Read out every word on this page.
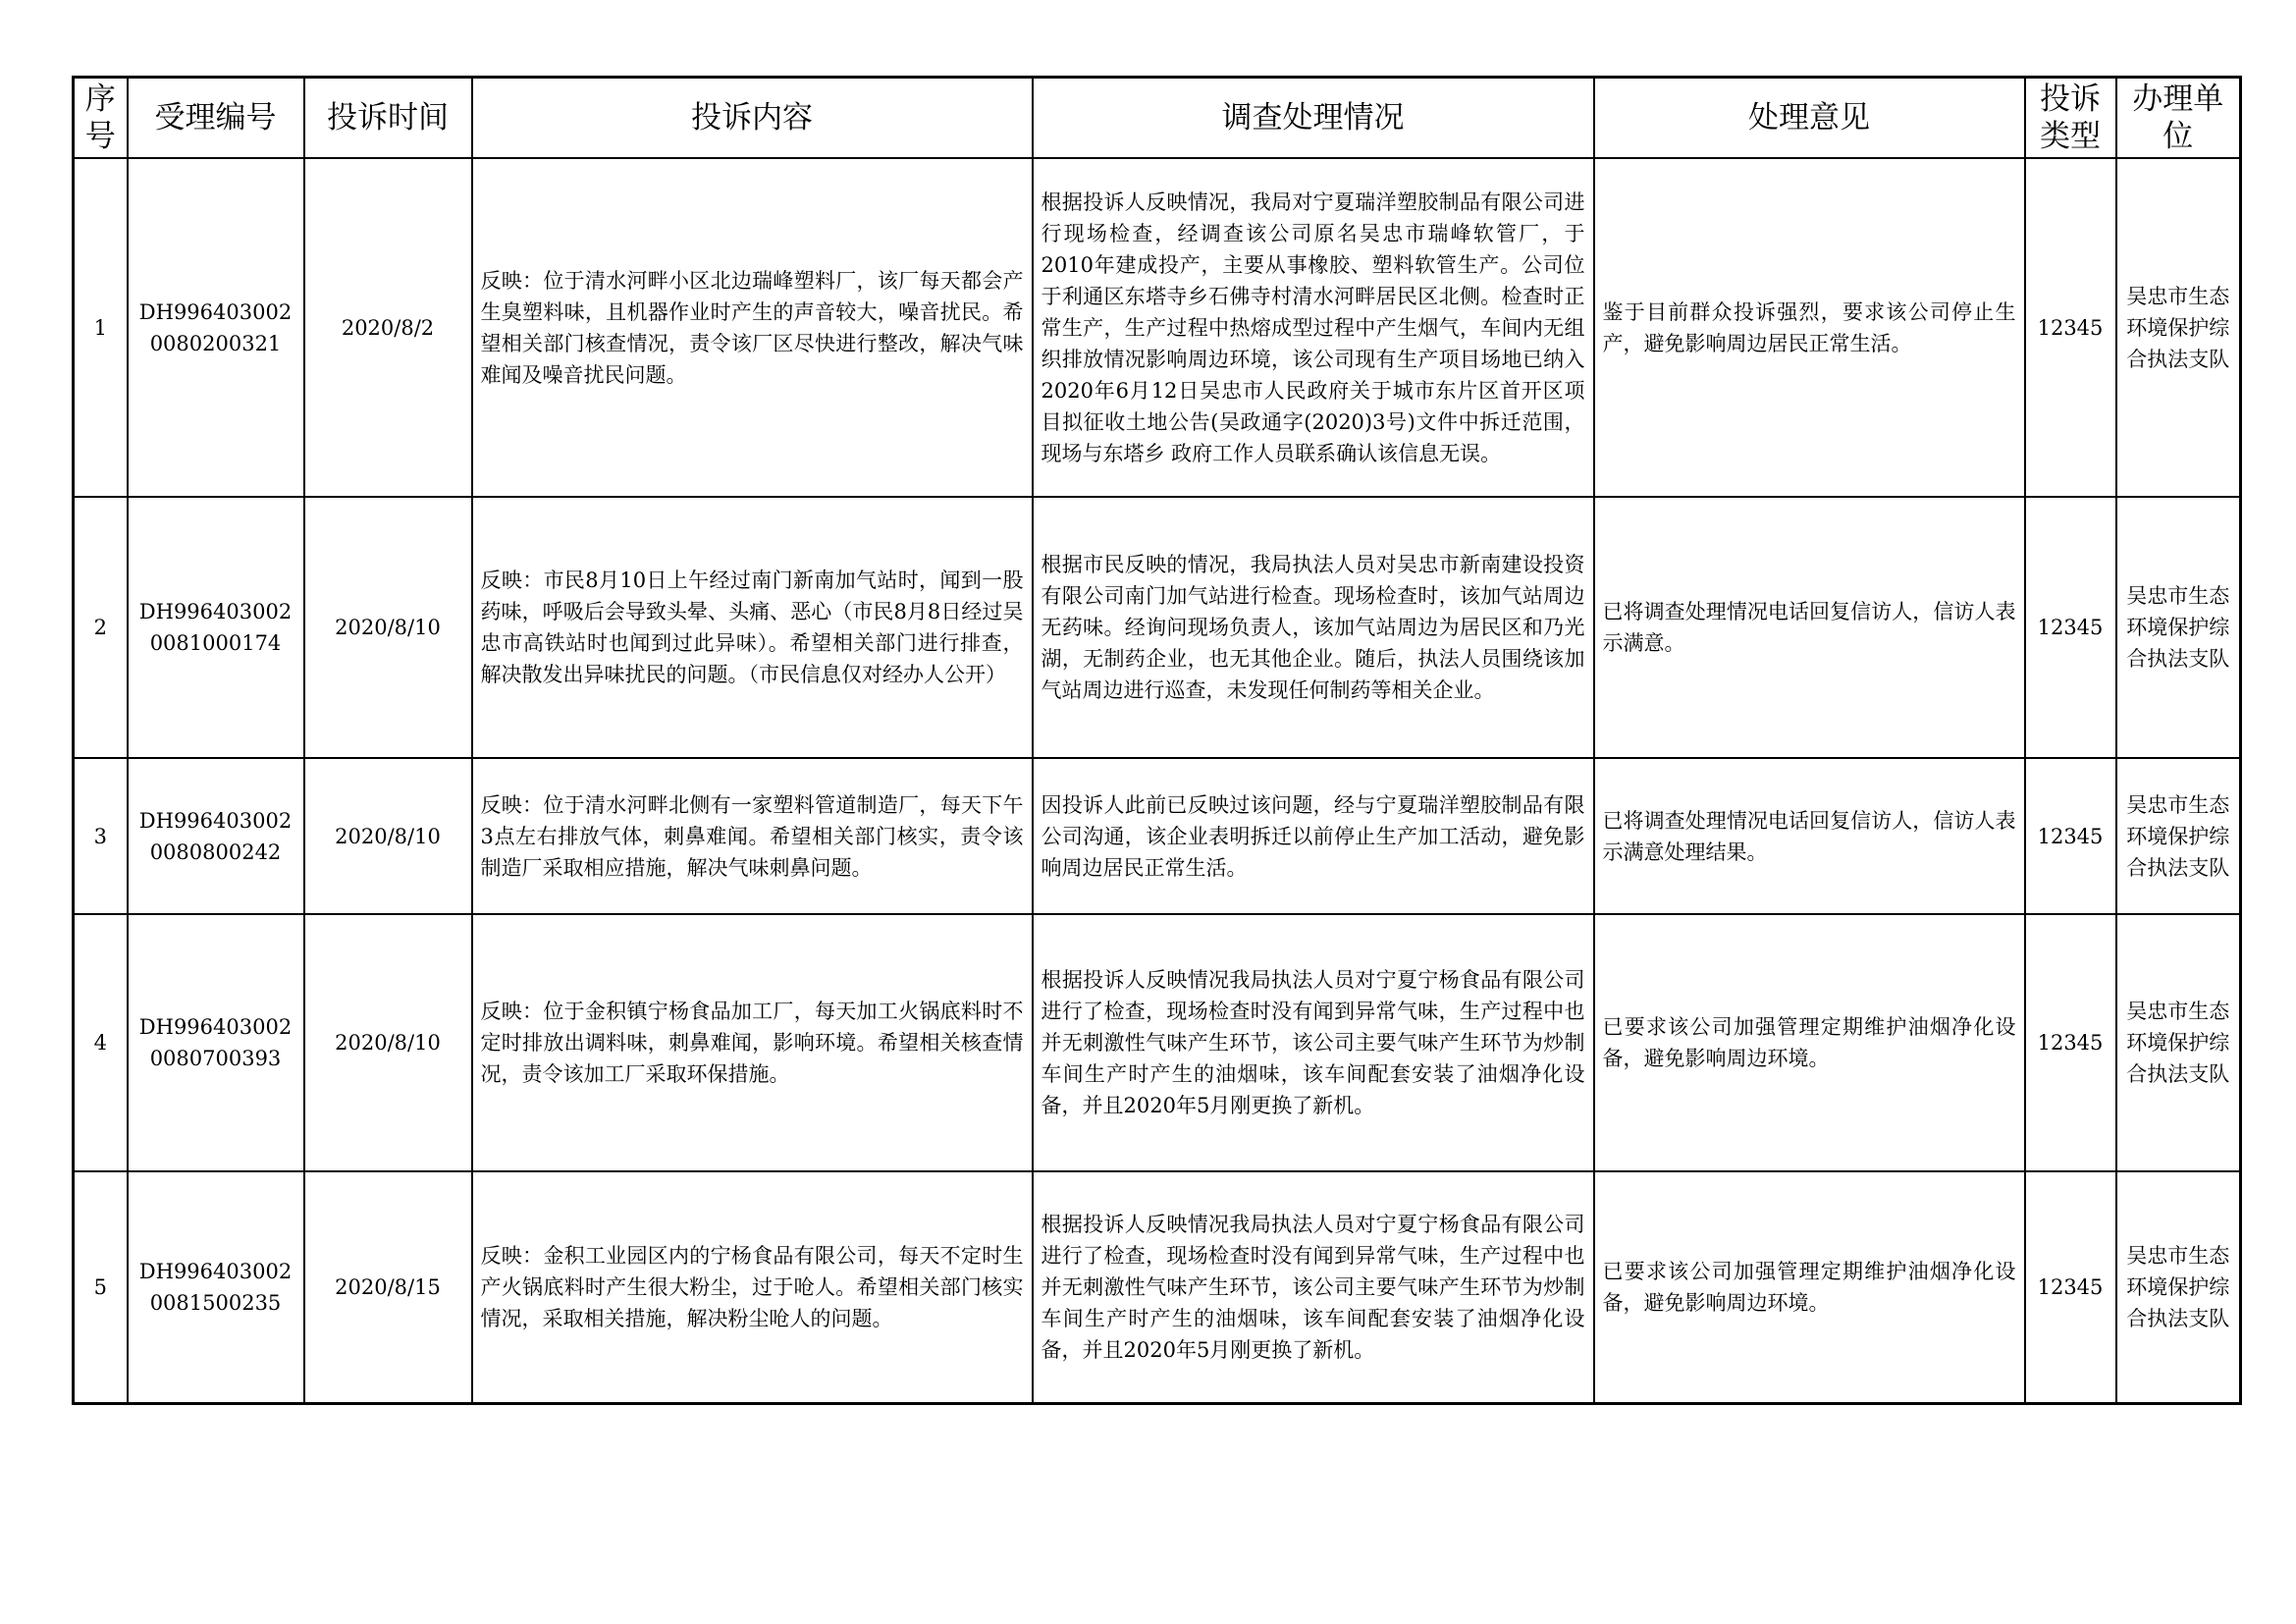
序号	受理编号	投诉时间	投诉内容	调查处理情况	处理意见	投诉类型	办理单位
1	DH9964030020080200321	2020/8/2	反映：位于清水河畔小区北边瑞峰塑料厂，该厂每天都会产生臭塑料味，且机器作业时产生的声音较大，噪音扰民。希望相关部门核查情况，责令该厂区尽快进行整改，解决气味难闻及噪音扰民问题。	根据投诉人反映情况，我局对宁夏瑞洋塑胶制品有限公司进行现场检查，经调查该公司原名吴忠市瑞峰软管厂，于2010年建成投产，主要从事橡胶、塑料软管生产。公司位于利通区东塔寺乡石佛寺村清水河畔居民区北侧。检查时正常生产，生产过程中热熔成型过程中产生烟气，车间内无组织排放情况影响周边环境，该公司现有生产项目场地已纳入2020年6月12日吴忠市人民政府关于城市东片区首开区项目拟征收土地公告(吴政通字(2020)3号)文件中拆迁范围，现场与东塔乡 政府工作人员联系确认该信息无误。	鉴于目前群众投诉强烈，要求该公司停止生产，避免影响周边居民正常生活。	12345	吴忠市生态环境保护综合执法支队
2	DH9964030020081000174	2020/8/10	反映：市民8月10日上午经过南门新南加气站时，闻到一股药味，呼吸后会导致头晕、头痛、恶心（市民8月8日经过吴忠市高铁站时也闻到过此异味）。希望相关部门进行排查，解决散发出异味扰民的问题。（市民信息仅对经办人公开）	根据市民反映的情况，我局执法人员对吴忠市新南建设投资有限公司南门加气站进行检查。现场检查时，该加气站周边无药味。经询问现场负责人，该加气站周边为居民区和乃光湖，无制药企业，也无其他企业。随后，执法人员围绕该加气站周边进行巡查，未发现任何制药等相关企业。	已将调查处理情况电话回复信访人，信访人表示满意。	12345	吴忠市生态环境保护综合执法支队
3	DH9964030020080800242	2020/8/10	反映：位于清水河畔北侧有一家塑料管道制造厂，每天下午3点左右排放气体，刺鼻难闻。希望相关部门核实，责令该制造厂采取相应措施，解决气味刺鼻问题。	因投诉人此前已反映过该问题，经与宁夏瑞洋塑胶制品有限公司沟通，该企业表明拆迁以前停止生产加工活动，避免影响周边居民正常生活。	已将调查处理情况电话回复信访人，信访人表示满意处理结果。	12345	吴忠市生态环境保护综合执法支队
4	DH9964030020080700393	2020/8/10	反映：位于金积镇宁杨食品加工厂，每天加工火锅底料时不定时排放出调料味，刺鼻难闻，影响环境。希望相关核查情况，责令该加工厂采取环保措施。	根据投诉人反映情况我局执法人员对宁夏宁杨食品有限公司进行了检查，现场检查时没有闻到异常气味，生产过程中也并无刺激性气味产生环节，该公司主要气味产生环节为炒制车间生产时产生的油烟味，该车间配套安装了油烟净化设备，并且2020年5月刚更换了新机。	已要求该公司加强管理定期维护油烟净化设备，避免影响周边环境。	12345	吴忠市生态环境保护综合执法支队
5	DH9964030020081500235	2020/8/15	反映：金积工业园区内的宁杨食品有限公司，每天不定时生产火锅底料时产生很大粉尘，过于呛人。希望相关部门核实情况，采取相关措施，解决粉尘呛人的问题。	根据投诉人反映情况我局执法人员对宁夏宁杨食品有限公司进行了检查，现场检查时没有闻到异常气味，生产过程中也并无刺激性气味产生环节，该公司主要气味产生环节为炒制车间生产时产生的油烟味，该车间配套安装了油烟净化设备，并且2020年5月刚更换了新机。	已要求该公司加强管理定期维护油烟净化设备，避免影响周边环境。	12345	吴忠市生态环境保护综合执法支队
